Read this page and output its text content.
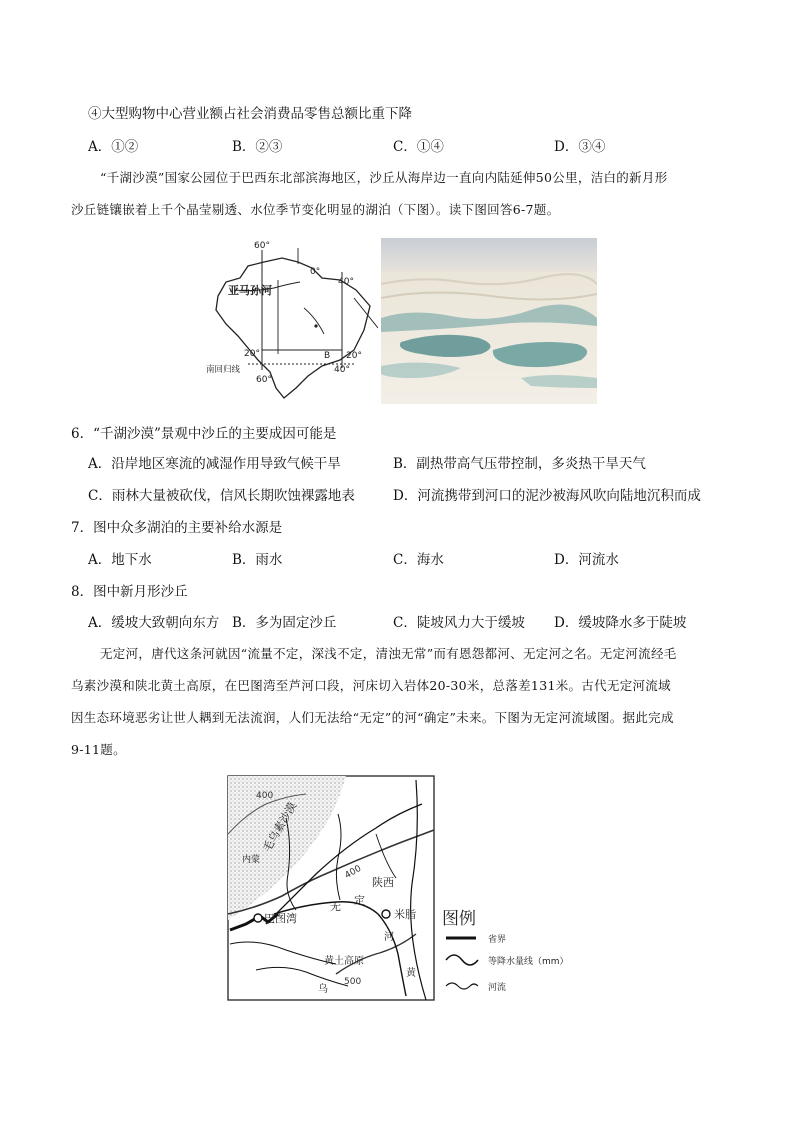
④大型购物中心营业额占社会消费品零售总额比重下降
A．①②	B．②③	C．①④	D．③④
“千湖沙漠”国家公园位于巴西东北部滨海地区，沙丘从海岸边一直向内陆延伸50公里，洁白的新月形
沙丘链镶嵌着上千个晶莹剔透、水位季节变化明显的湖泊（下图）。读下图回答6-7题。
60°
0°
40°
亚马孙河
20°	B 20°
南回归线
60°
40°
6．“千湖沙漠”景观中沙丘的主要成因可能是
A．沿岸地区寒流的减湿作用导致气候干旱	B．副热带高气压带控制，多炎热干旱天气
C．雨林大量被砍伐，信风长期吹蚀裸露地表	D．河流携带到河口的泥沙被海风吹向陆地沉积而成
7．图中众多湖泊的主要补给水源是
A．地下水	B．雨水	C．海水	D．河流水
8．图中新月形沙丘
A．缓坡大致朝向东方 B．多为固定沙丘	C．陡坡风力大于缓坡 D．缓坡降水多于陡坡
无定河，唐代这条河就因“流量不定，深浅不定，清浊无常”而有恩怨都河、无定河之名。无定河流经毛
乌素沙漠和陕北黄土高原，在巴图湾至芦河口段，河床切入岩体20-30米，总落差131米。古代无定河流域
因生态环境恶劣让世人耦到无法流润，人们无法给“无定”的河“确定”未来。下图为无定河流域图。据此完成
9-11题。
毛乌素沙漠
内蒙
400
400
陕西
巴图湾
无 定
米脂
河
黄土高原
500
黄
乌
图例
省界
等降水量线（mm）
河流
